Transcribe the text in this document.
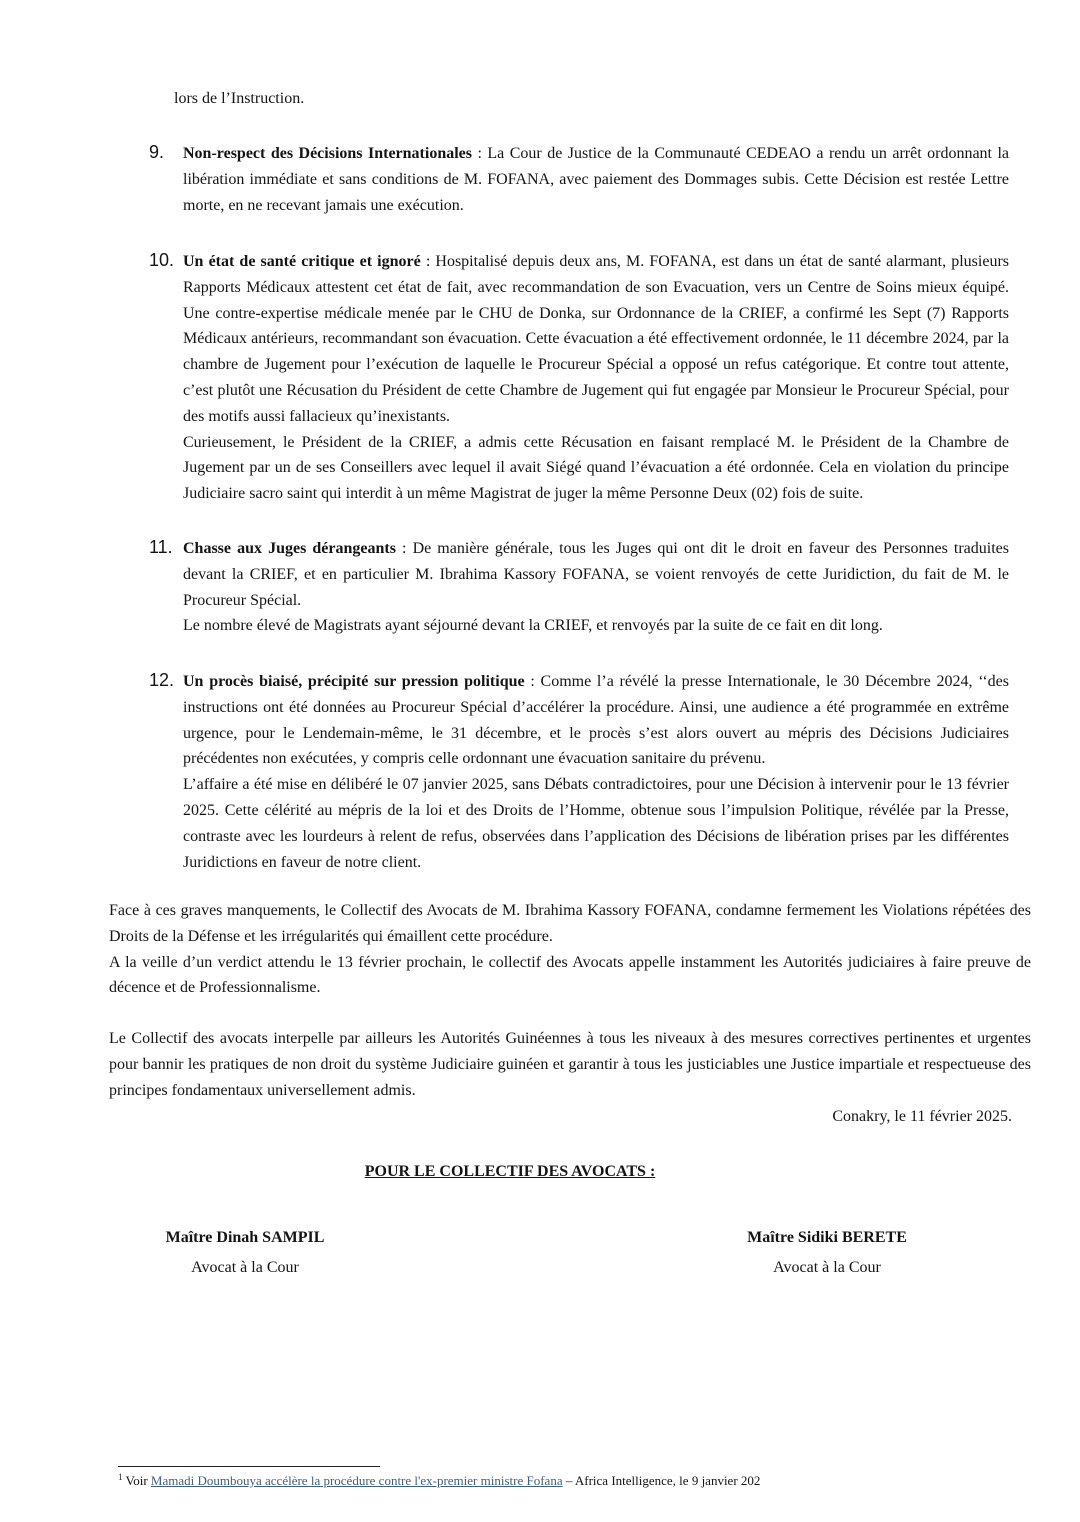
lors de l’Instruction.
9. Non-respect des Décisions Internationales : La Cour de Justice de la Communauté CEDEAO a rendu un arrêt ordonnant la libération immédiate et sans conditions de M. FOFANA, avec paiement des Dommages subis. Cette Décision est restée Lettre morte, en ne recevant jamais une exécution.

10. Un état de santé critique et ignoré : Hospitalisé depuis deux ans, M. FOFANA, est dans un état de santé alarmant, plusieurs Rapports Médicaux attestent cet état de fait, avec recommandation de son Evacuation, vers un Centre de Soins mieux équipé. Une contre-expertise médicale menée par le CHU de Donka, sur Ordonnance de la CRIEF, a confirmé les Sept (7) Rapports Médicaux antérieurs, recommandant son évacuation. Cette évacuation a été effectivement ordonnée, le 11 décembre 2024, par la chambre de Jugement pour l’exécution de laquelle le Procureur Spécial a opposé un refus catégorique. Et contre tout attente, c’est plutôt une Récusation du Président de cette Chambre de Jugement qui fut engagée par Monsieur le Procureur Spécial, pour des motifs aussi fallacieux qu’inexistants.

Curieusement, le Président de la CRIEF, a admis cette Récusation en faisant remplacé M. le Président de la Chambre de Jugement par un de ses Conseillers avec lequel il avait Siégé quand l’évacuation a été ordonnée. Cela en violation du principe Judiciaire sacro saint qui interdit à un même Magistrat de juger la même Personne Deux (02) fois de suite.

11. Chasse aux Juges dérangeants : De manière générale, tous les Juges qui ont dit le droit en faveur des Personnes traduites devant la CRIEF, et en particulier M. Ibrahima Kassory FOFANA, se voient renvoyés de cette Juridiction, du fait de M. le Procureur Spécial.

Le nombre élevé de Magistrats ayant séjourné devant la CRIEF, et renvoyés par la suite de ce fait en dit long.

12. Un procès biaisé, précipité sur pression politique : Comme l’a révélé la presse Internationale, le 30 Décembre 2024, ‘‘des instructions ont été données au Procureur Spécial d’accélérer la procédure. Ainsi, une audience a été programmée en extrême urgence, pour le Lendemain-même, le 31 décembre, et le procès s’est alors ouvert au mépris des Décisions Judiciaires précédentes non exécutées, y compris celle ordonnant une évacuation sanitaire du prévenu.

L’affaire a été mise en délibéré le 07 janvier 2025, sans Débats contradictoires, pour une Décision à intervenir pour le 13 février 2025. Cette célérité au mépris de la loi et des Droits de l’Homme, obtenue sous l’impulsion Politique, révélée par la Presse, contraste avec les lourdeurs à relent de refus, observées dans l’application des Décisions de libération prises par les différentes Juridictions en faveur de notre client.

Face à ces graves manquements, le Collectif des Avocats de M. Ibrahima Kassory FOFANA, condamne fermement les Violations répétées des Droits de la Défense et les irrégularités qui émaillent cette procédure.

A la veille d’un verdict attendu le 13 février prochain, le collectif des Avocats appelle instamment les Autorités judiciaires à faire preuve de décence et de Professionnalisme.

Le Collectif des avocats interpelle par ailleurs les Autorités Guinéennes à tous les niveaux à des mesures correctives pertinentes et urgentes pour bannir les pratiques de non droit du système Judiciaire guinéen et garantir à tous les justiciables une Justice impartiale et respectueuse des principes fondamentaux universellement admis.

Conakry, le 11 février 2025.
POUR LE COLLECTIF DES AVOCATS :
Maître Dinah SAMPIL
Avocat à la Cour
Maître Sidiki BERETE
Avocat à la Cour
$^1$ Voir Mamadi Doumbouya accélère la procédure contre l'ex-premier ministre Fofana – Africa Intelligence, le 9 janvier 202
